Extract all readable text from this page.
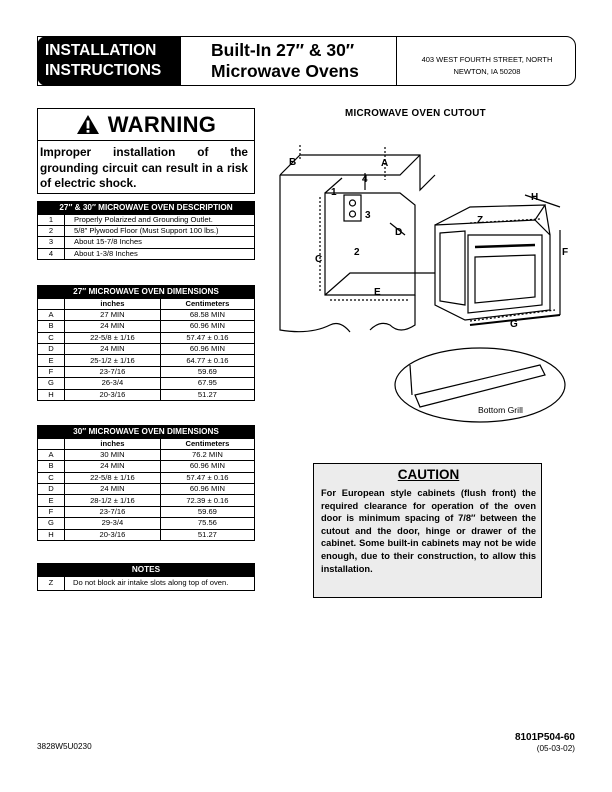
INSTALLATION
INSTRUCTIONS
Built-In 27″ & 30″
Microwave Ovens
403 WEST FOURTH STREET, NORTH
NEWTON, IA 50208
WARNING
Improper installation of the grounding circuit can result in a risk of electric shock.
27″ & 30″ MICROWAVE OVEN DESCRIPTION	
1	Properly Polarized and Grounding Outlet.
2	5/8″ Plywood Floor (Must Support 100 lbs.)
3	About 15-7/8 Inches
4	About 1-3/8 Inches
27″ MICROWAVE OVEN DIMENSIONS		
	inches	Centimeters
A	27 MIN	68.58 MIN
B	24 MIN	60.96 MIN
C	22-5/8 ± 1/16	57.47 ± 0.16
D	24 MIN	60.96 MIN
E	25-1/2 ± 1/16	64.77 ± 0.16
F	23-7/16	59.69
G	26-3/4	67.95
H	20-3/16	51.27
30″ MICROWAVE OVEN DIMENSIONS		
	inches	Centimeters
A	30 MIN	76.2 MIN
B	24 MIN	60.96 MIN
C	22-5/8 ± 1/16	57.47 ± 0.16
D	24 MIN	60.96 MIN
E	28-1/2 ± 1/16	72.39 ± 0.16
F	23-7/16	59.69
G	29-3/4	75.56
H	20-3/16	51.27
NOTES
Z	Do not block air intake slots along top of oven.
MICROWAVE OVEN CUTOUT
B	A
4
1
3
D
2
C
E
Z
H
F
G
Bottom Grill
CAUTION
For European style cabinets (flush front) the required clearance for operation of the oven door is minimum spacing of 7/8″ between the cutout and the door, hinge or drawer of the cabinet. Some built-in cabinets may not be wide enough, due to their construction, to allow this installation.
3828W5U0230
8101P504-60
(05-03-02)
